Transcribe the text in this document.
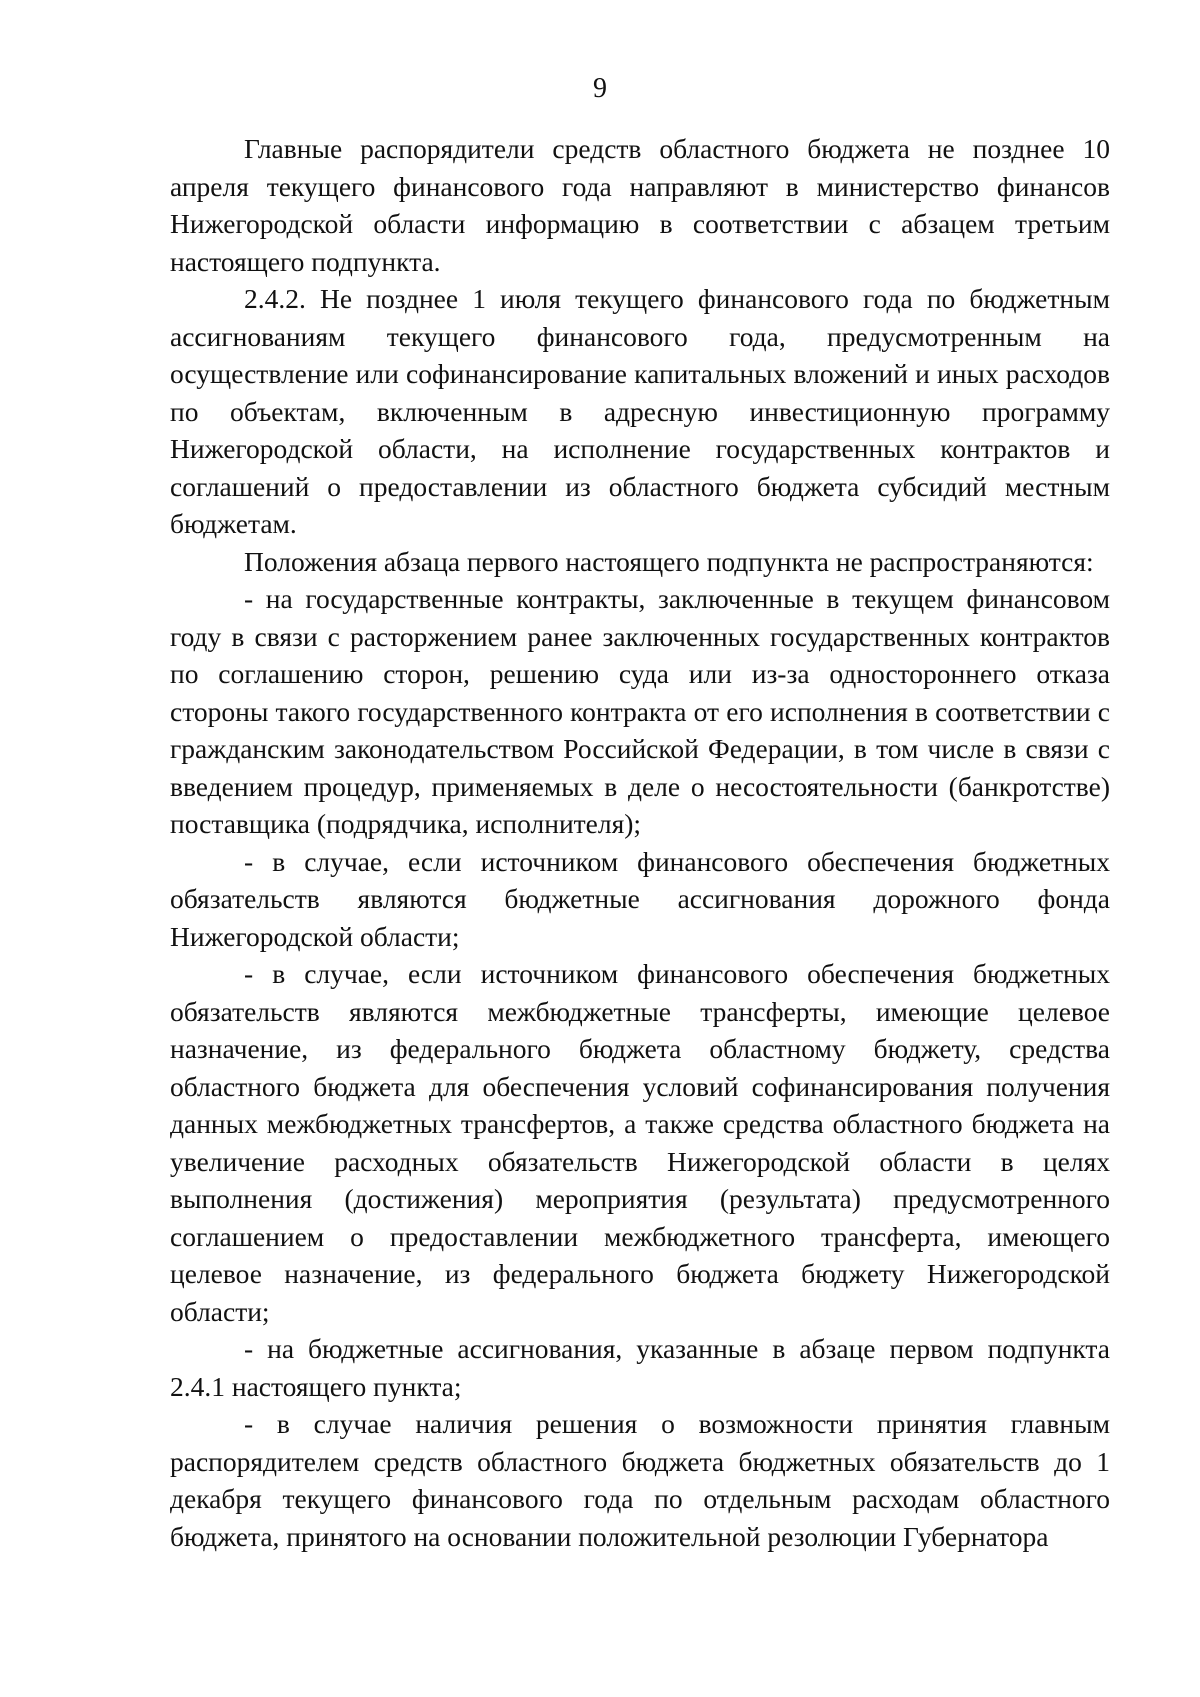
9

Главные распорядители средств областного бюджета не позднее 10 апреля текущего финансового года направляют в министерство финансов Нижегородской области информацию в соответствии с абзацем третьим настоящего подпункта.

2.4.2. Не позднее 1 июля текущего финансового года по бюджетным ассигнованиям текущего финансового года, предусмотренным на осуществление или софинансирование капитальных вложений и иных расходов по объектам, включенным в адресную инвестиционную программу Нижегородской области, на исполнение государственных контрактов и соглашений о предоставлении из областного бюджета субсидий местным бюджетам.

Положения абзаца первого настоящего подпункта не распространяются:

- на государственные контракты, заключенные в текущем финансовом году в связи с расторжением ранее заключенных государственных контрактов по соглашению сторон, решению суда или из-за одностороннего отказа стороны такого государственного контракта от его исполнения в соответствии с гражданским законодательством Российской Федерации, в том числе в связи с введением процедур, применяемых в деле о несостоятельности (банкротстве) поставщика (подрядчика, исполнителя);

- в случае, если источником финансового обеспечения бюджетных обязательств являются бюджетные ассигнования дорожного фонда Нижегородской области;

- в случае, если источником финансового обеспечения бюджетных обязательств являются межбюджетные трансферты, имеющие целевое назначение, из федерального бюджета областному бюджету, средства областного бюджета для обеспечения условий софинансирования получения данных межбюджетных трансфертов, а также средства областного бюджета на увеличение расходных обязательств Нижегородской области в целях выполнения (достижения) мероприятия (результата) предусмотренного соглашением о предоставлении межбюджетного трансферта, имеющего целевое назначение, из федерального бюджета бюджету Нижегородской области;

- на бюджетные ассигнования, указанные в абзаце первом подпункта 2.4.1 настоящего пункта;

- в случае наличия решения о возможности принятия главным распорядителем средств областного бюджета бюджетных обязательств до 1 декабря текущего финансового года по отдельным расходам областного бюджета, принятого на основании положительной резолюции Губернатора
